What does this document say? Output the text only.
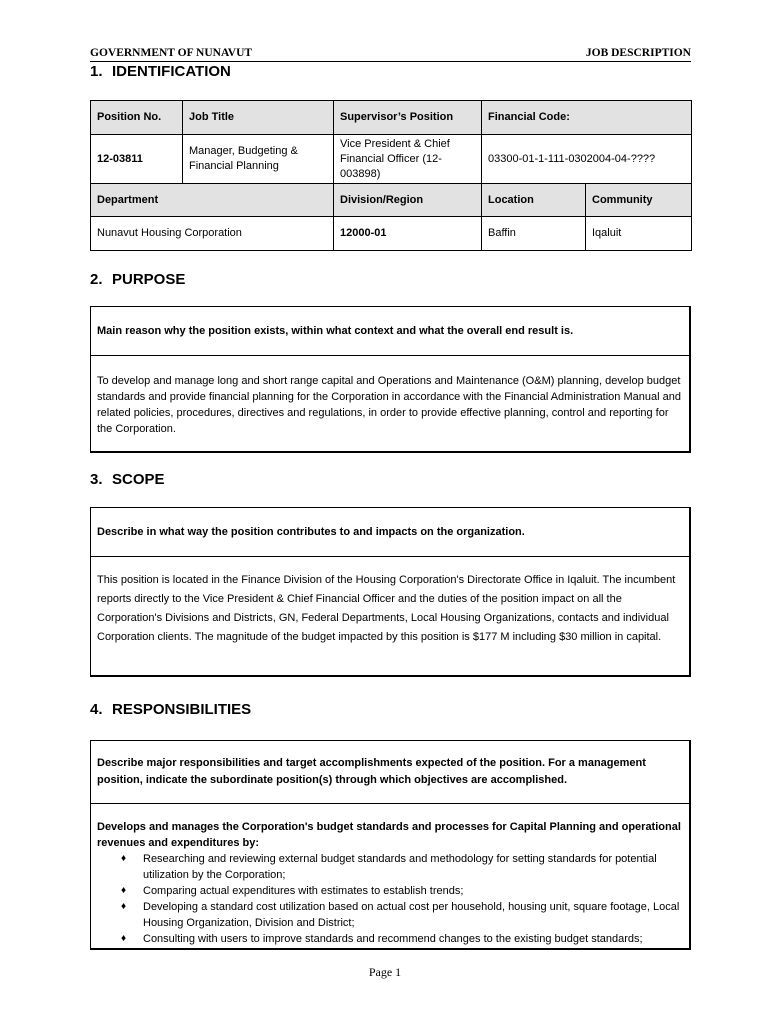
GOVERNMENT OF NUNAVUT	JOB DESCRIPTION
1. IDENTIFICATION
Position No.	Job Title	Supervisor’s Position	Financial Code:	
12-03811	Manager, Budgeting & Financial Planning	Vice President & Chief Financial Officer (12-003898)	03300-01-1-111-0302004-04-????	
Department		Division/Region	Location	Community
Nunavut Housing Corporation		12000-01	Baffin	Iqaluit
2. PURPOSE
Main reason why the position exists, within what context and what the overall end result is.
To develop and manage long and short range capital and Operations and Maintenance (O&M) planning, develop budget standards and provide financial planning for the Corporation in accordance with the Financial Administration Manual and related policies, procedures, directives and regulations, in order to provide effective planning, control and reporting for the Corporation.
3. SCOPE
Describe in what way the position contributes to and impacts on the organization.
This position is located in the Finance Division of the Housing Corporation's Directorate Office in Iqaluit. The incumbent reports directly to the Vice President & Chief Financial Officer and the duties of the position impact on all the Corporation's Divisions and Districts, GN, Federal Departments, Local Housing Organizations, contacts and individual Corporation clients. The magnitude of the budget impacted by this position is $177 M including $30 million in capital.
4. RESPONSIBILITIES
Describe major responsibilities and target accomplishments expected of the position. For a management position, indicate the subordinate position(s) through which objectives are accomplished.
Develops and manages the Corporation's budget standards and processes for Capital Planning and operational revenues and expenditures by:
♦ Researching and reviewing external budget standards and methodology for setting standards for potential utilization by the Corporation;
♦ Comparing actual expenditures with estimates to establish trends;
♦ Developing a standard cost utilization based on actual cost per household, housing unit, square footage, Local Housing Organization, Division and District;
♦ Consulting with users to improve standards and recommend changes to the existing budget standards;
Page 1
